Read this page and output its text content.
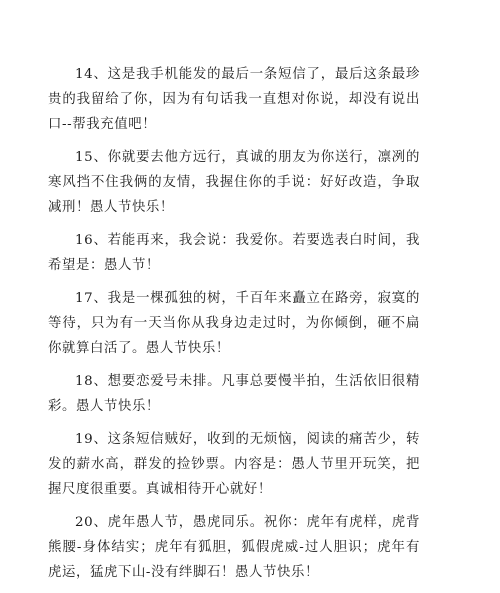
14、这是我手机能发的最后一条短信了，最后这条最珍贵的我留给了你，因为有句话我一直想对你说，却没有说出口--帮我充值吧！

15、你就要去他方远行，真诚的朋友为你送行，凛冽的寒风挡不住我俩的友情，我握住你的手说：好好改造，争取减刑！愚人节快乐！

16、若能再来，我会说：我爱你。若要选表白时间，我希望是：愚人节！

17、我是一棵孤独的树，千百年来矗立在路旁，寂寞的等待，只为有一天当你从我身边走过时，为你倾倒，砸不扁你就算白活了。愚人节快乐！

18、想要恋爱号未排。凡事总要慢半拍，生活依旧很精彩。愚人节快乐！

19、这条短信贼好，收到的无烦恼，阅读的痛苦少，转发的薪水高，群发的捡钞票。内容是：愚人节里开玩笑，把握尺度很重要。真诚相待开心就好！

20、虎年愚人节，愚虎同乐。祝你：虎年有虎样，虎背熊腰-身体结实；虎年有狐胆，狐假虎威-过人胆识；虎年有虎运，猛虎下山-没有绊脚石！愚人节快乐！
